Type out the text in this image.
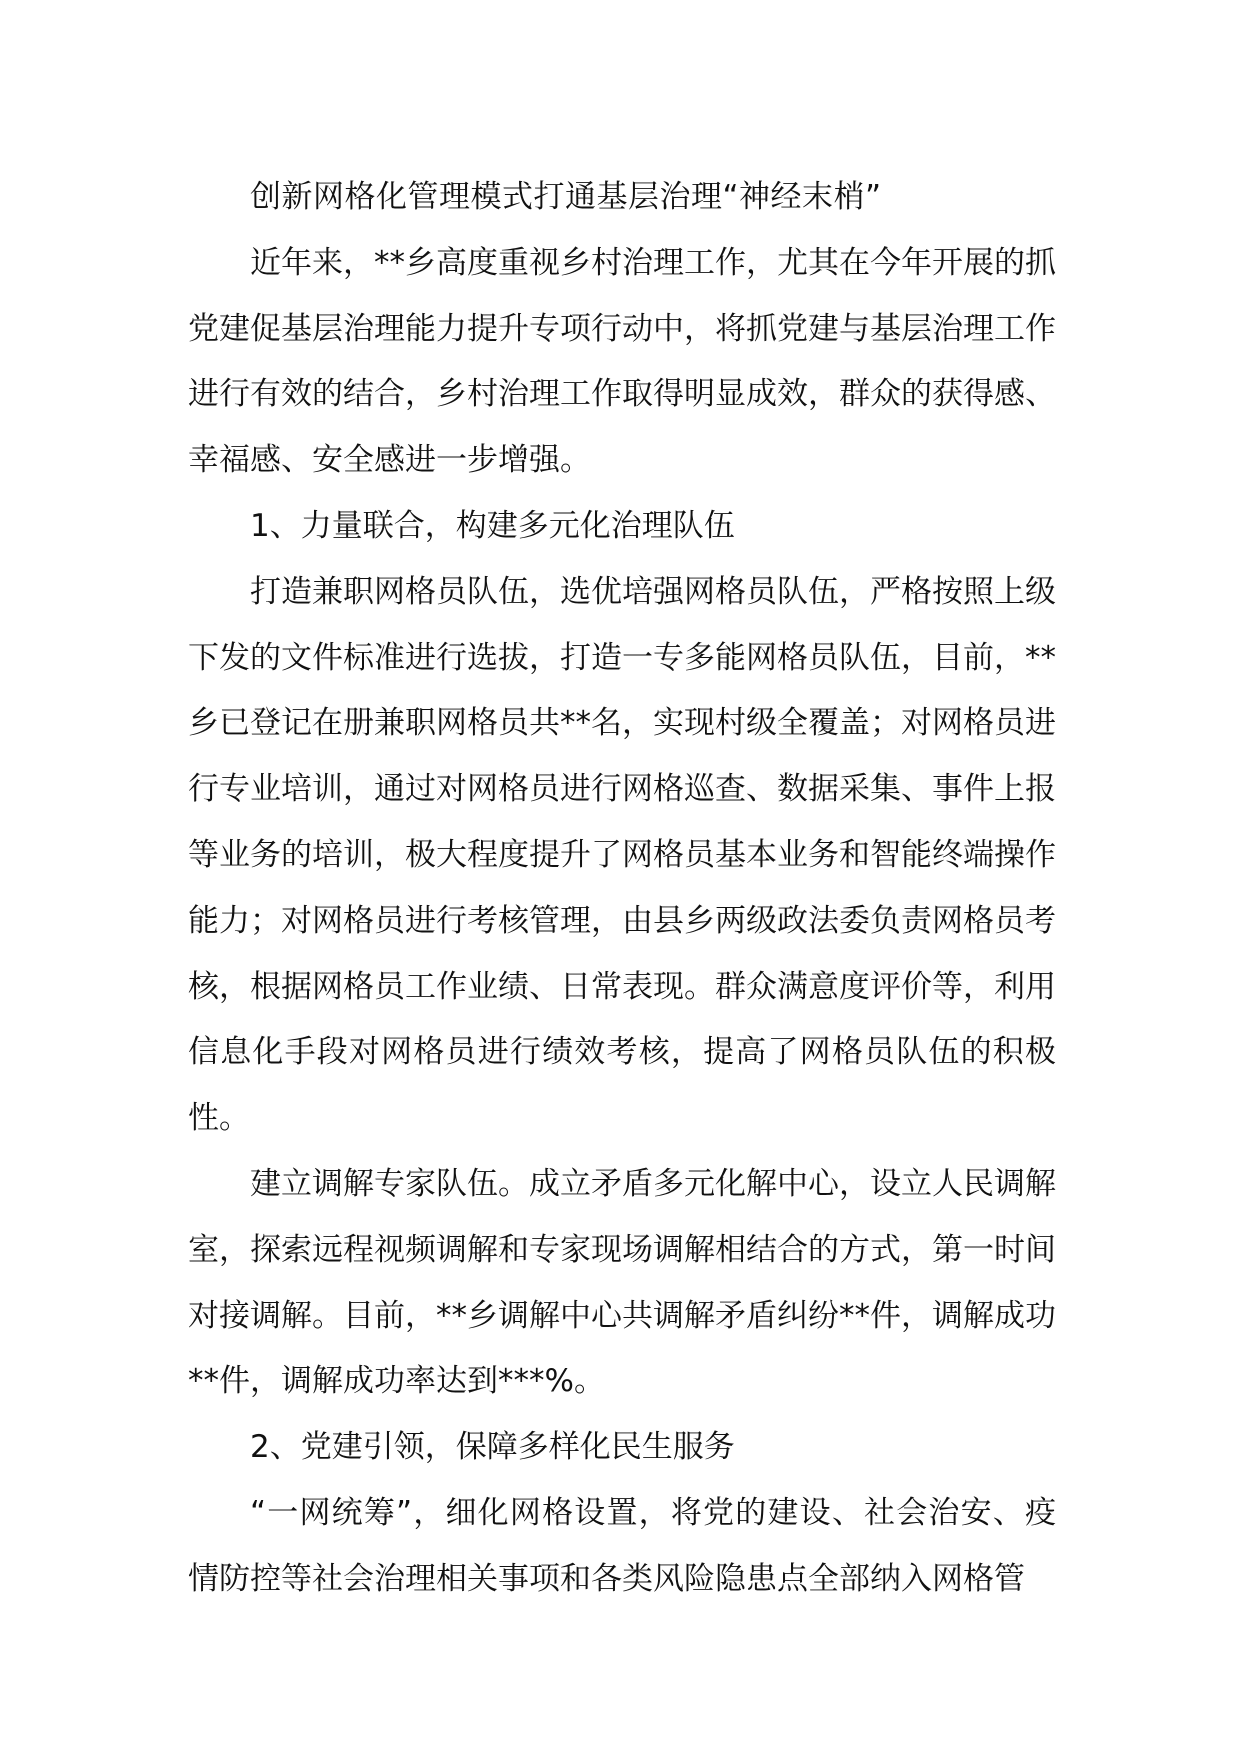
创新网格化管理模式打通基层治理“神经末梢”

近年来，**乡高度重视乡村治理工作，尤其在今年开展的抓党建促基层治理能力提升专项行动中，将抓党建与基层治理工作进行有效的结合，乡村治理工作取得明显成效，群众的获得感、幸福感、安全感进一步增强。

1、力量联合，构建多元化治理队伍

打造兼职网格员队伍，选优培强网格员队伍，严格按照上级下发的文件标准进行选拔，打造一专多能网格员队伍，目前，**乡已登记在册兼职网格员共**名，实现村级全覆盖；对网格员进行专业培训，通过对网格员进行网格巡查、数据采集、事件上报等业务的培训，极大程度提升了网格员基本业务和智能终端操作能力；对网格员进行考核管理，由县乡两级政法委负责网格员考核，根据网格员工作业绩、日常表现。群众满意度评价等，利用信息化手段对网格员进行绩效考核，提高了网格员队伍的积极性。

建立调解专家队伍。成立矛盾多元化解中心，设立人民调解室，探索远程视频调解和专家现场调解相结合的方式，第一时间对接调解。目前，**乡调解中心共调解矛盾纠纷**件，调解成功**件，调解成功率达到***%。

2、党建引领，保障多样化民生服务

“一网统筹”，细化网格设置，将党的建设、社会治安、疫情防控等社会治理相关事项和各类风险隐患点全部纳入网格管
